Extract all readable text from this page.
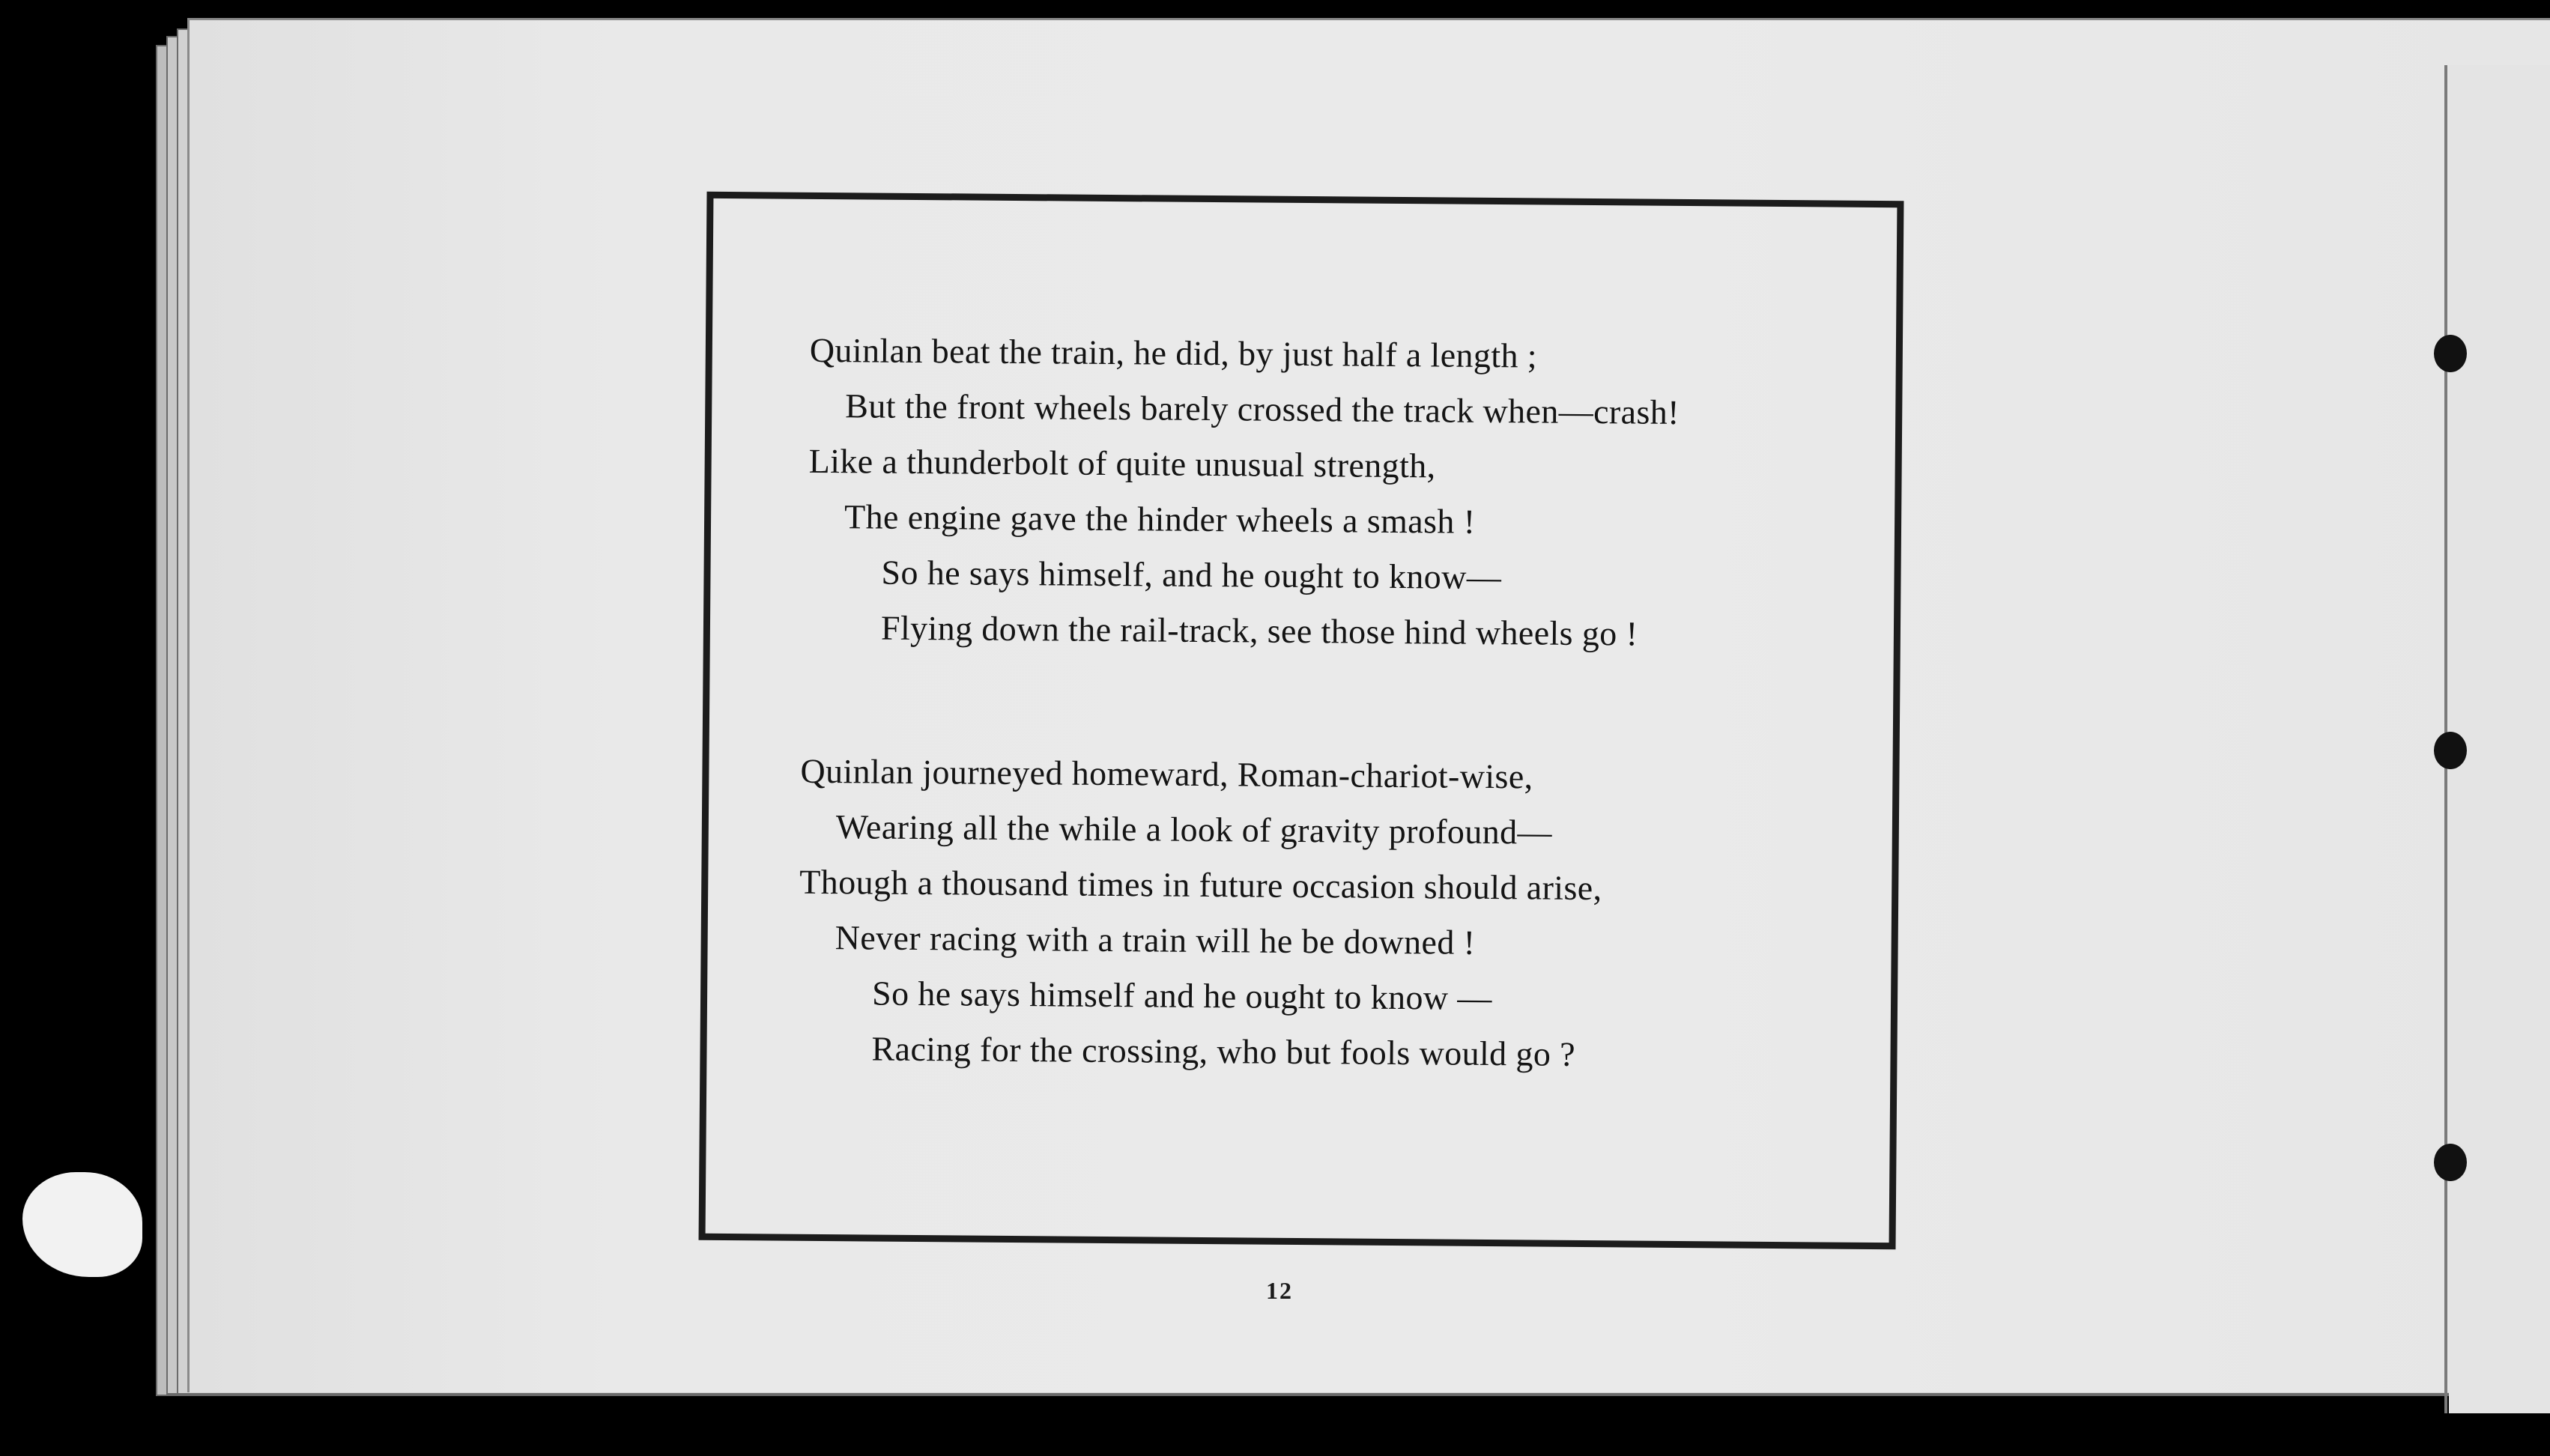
Quinlan beat the train, he did, by just half a length ;
But the front wheels barely crossed the track when—crash!
Like a thunderbolt of quite unusual strength,
The engine gave the hinder wheels a smash !
So he says himself, and he ought to know—
Flying down the rail-track, see those hind wheels go !
Quinlan journeyed homeward, Roman-chariot-wise,
Wearing all the while a look of gravity profound—
Though a thousand times in future occasion should arise,
Never racing with a train will he be downed !
So he says himself and he ought to know —
Racing for the crossing, who but fools would go ?
12
